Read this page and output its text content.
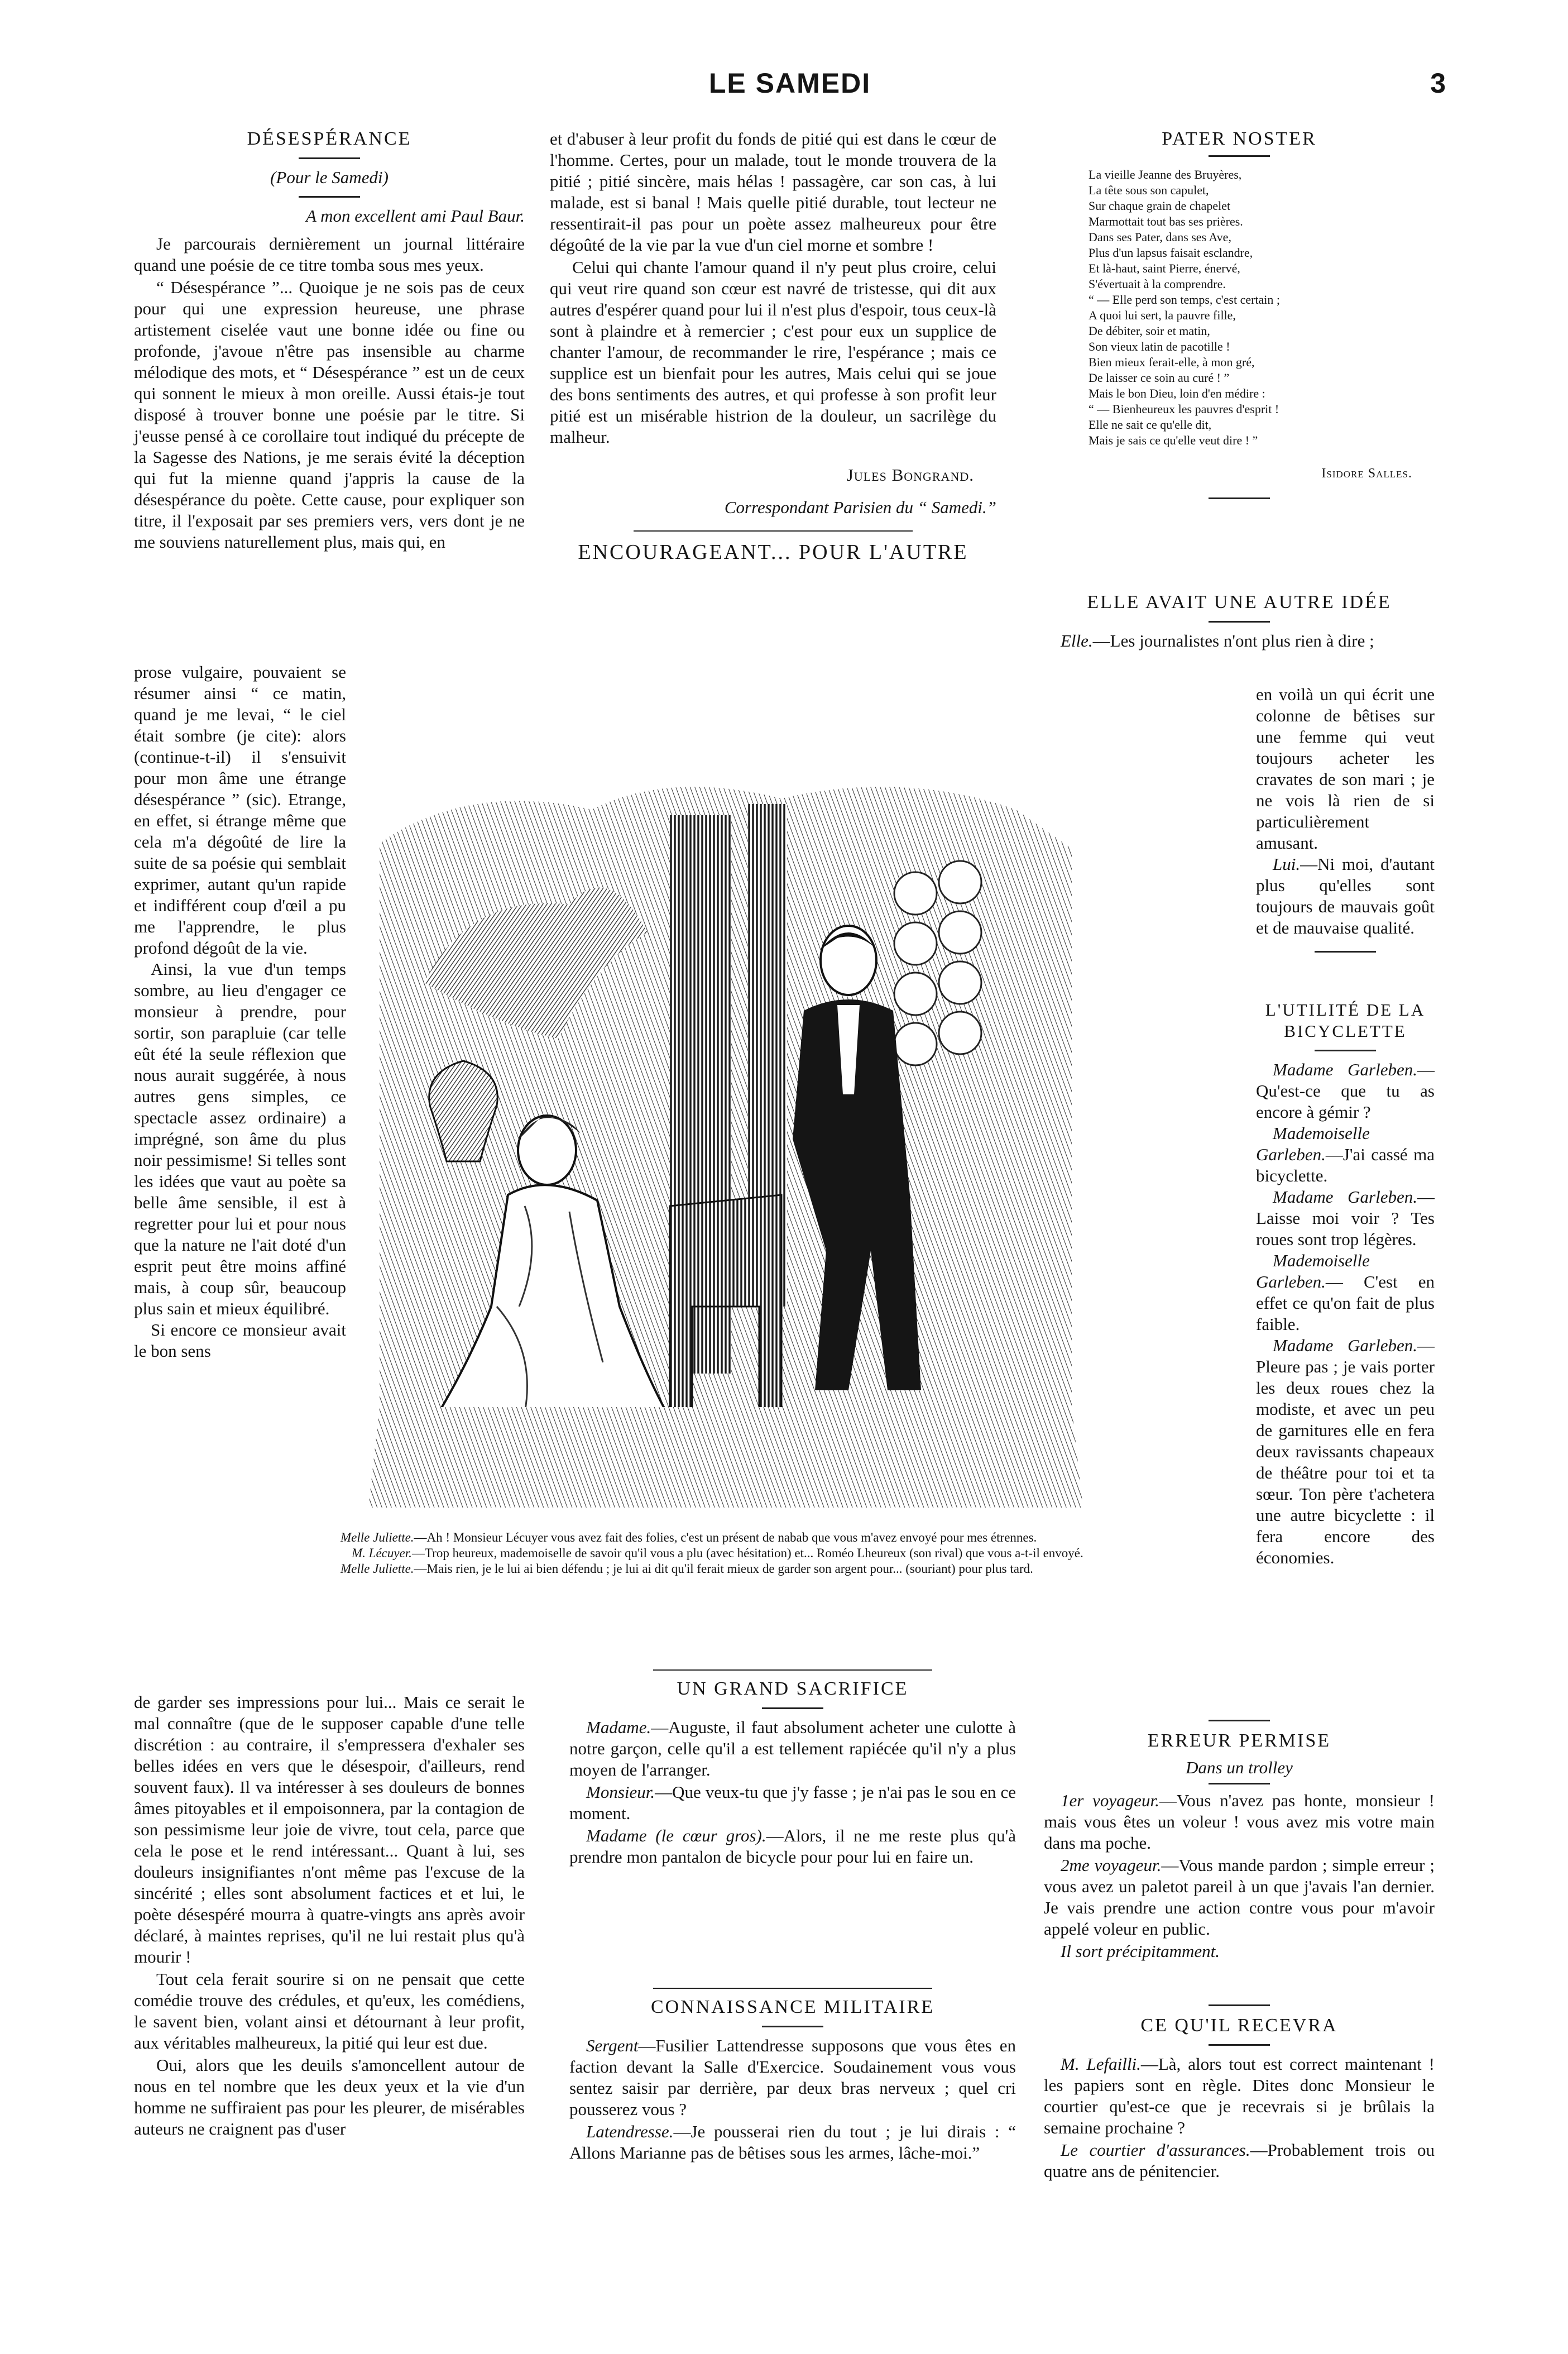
LE SAMEDI	3
DÉSESPÉRANCE

(Pour le Samedi)

A mon excellent ami Paul Baur.

Je parcourais dernièrement un journal littéraire quand une poésie de ce titre tomba sous mes yeux.

“ Désespérance ”... Quoique je ne sois pas de ceux pour qui une expression heureuse, une phrase artistement ciselée vaut une bonne idée ou fine ou profonde, j'avoue n'être pas insensible au charme mélodique des mots, et “ Désespérance ” est un de ceux qui sonnent le mieux à mon oreille. Aussi étais-je tout disposé à trouver bonne une poésie par le titre. Si j'eusse pensé à ce corollaire tout indiqué du précepte de la Sagesse des Nations, je me serais évité la déception qui fut la mienne quand j'appris la cause de la désespérance du poète. Cette cause, pour expliquer son titre, il l'exposait par ses premiers vers, vers dont je ne me souviens naturellement plus, mais qui, en

prose vulgaire, pouvaient se résumer ainsi “ ce matin, quand je me levai, “ le ciel était sombre (je cite): alors (continue-t-il) il s'ensuivit pour mon âme une étrange désespérance ” (sic). Etrange, en effet, si étrange même que cela m'a dégoûté de lire la suite de sa poésie qui semblait exprimer, autant qu'un rapide et indifférent coup d'œil a pu me l'apprendre, le plus profond dégoût de la vie.

Ainsi, la vue d'un temps sombre, au lieu d'engager ce monsieur à prendre, pour sortir, son parapluie (car telle eût été la seule réflexion que nous aurait suggérée, à nous autres gens simples, ce spectacle assez ordinaire) a imprégné, son âme du plus noir pessimisme! Si telles sont les idées que vaut au poète sa belle âme sensible, il est à regretter pour lui et pour nous que la nature ne l'ait doté d'un esprit peut être moins affiné mais, à coup sûr, beaucoup plus sain et mieux équilibré.

Si encore ce monsieur avait le bon sens

de garder ses impressions pour lui... Mais ce serait le mal connaître (que de le supposer capable d'une telle discrétion : au contraire, il s'empressera d'exhaler ses belles idées en vers que le désespoir, d'ailleurs, rend souvent faux). Il va intéresser à ses douleurs de bonnes âmes pitoyables et il empoisonnera, par la contagion de son pessimisme leur joie de vivre, tout cela, parce que cela le pose et le rend intéressant... Quant à lui, ses douleurs insignifiantes n'ont même pas l'excuse de la sincérité ; elles sont absolument factices et et lui, le poète désespéré mourra à quatre-vingts ans après avoir déclaré, à maintes reprises, qu'il ne lui restait plus qu'à mourir !

Tout cela ferait sourire si on ne pensait que cette comédie trouve des crédules, et qu'eux, les comédiens, le savent bien, volant ainsi et détournant à leur profit, aux véritables malheureux, la pitié qui leur est due.

Oui, alors que les deuils s'amoncellent autour de nous en tel nombre que les deux yeux et la vie d'un homme ne suffiraient pas pour les pleurer, de misérables auteurs ne craignent pas d'user

et d'abuser à leur profit du fonds de pitié qui est dans le cœur de l'homme. Certes, pour un malade, tout le monde trouvera de la pitié ; pitié sincère, mais hélas ! passagère, car son cas, à lui malade, est si banal ! Mais quelle pitié durable, tout lecteur ne ressentirait-il pas pour un poète assez malheureux pour être dégoûté de la vie par la vue d'un ciel morne et sombre !

Celui qui chante l'amour quand il n'y peut plus croire, celui qui veut rire quand son cœur est navré de tristesse, qui dit aux autres d'espérer quand pour lui il n'est plus d'espoir, tous ceux-là sont à plaindre et à remercier ; c'est pour eux un supplice de chanter l'amour, de recommander le rire, l'espérance ; mais ce supplice est un bienfait pour les autres, Mais celui qui se joue des bons sentiments des autres, et qui professe à son profit leur pitié est un misérable histrion de la douleur, un sacrilège du malheur.

Jules Bongrand.

Correspondant Parisien du “ Samedi.”

ENCOURAGEANT... POUR L'AUTRE

Melle Juliette.—Ah ! Monsieur Lécuyer vous avez fait des folies, c'est un présent de nabab que vous m'avez envoyé pour mes étrennes.

M. Lécuyer.—Trop heureux, mademoiselle de savoir qu'il vous a plu (avec hésitation) et... Roméo Lheureux (son rival) que vous a-t-il envoyé.

Melle Juliette.—Mais rien, je le lui ai bien défendu ; je lui ai dit qu'il ferait mieux de garder son argent pour... (souriant) pour plus tard.

UN GRAND SACRIFICE

Madame.—Auguste, il faut absolument acheter une culotte à notre garçon, celle qu'il a est tellement rapiécée qu'il n'y a plus moyen de l'arranger.

Monsieur.—Que veux-tu que j'y fasse ; je n'ai pas le sou en ce moment.

Madame (le cœur gros).—Alors, il ne me reste plus qu'à prendre mon pantalon de bicycle pour pour lui en faire un.

CONNAISSANCE MILITAIRE

Sergent—Fusilier Lattendresse supposons que vous êtes en faction devant la Salle d'Exercice. Soudainement vous vous sentez saisir par derrière, par deux bras nerveux ; quel cri pousserez vous ?

Latendresse.—Je pousserai rien du tout ; je lui dirais : “ Allons Marianne pas de bêtises sous les armes, lâche-moi.”

PATER NOSTER
La vieille Jeanne des Bruyères,
La tête sous son capulet,
Sur chaque grain de chapelet
Marmottait tout bas ses prières.
Dans ses Pater, dans ses Ave,
Plus d'un lapsus faisait esclandre,
Et là-haut, saint Pierre, énervé,
S'évertuait à la comprendre.
“ — Elle perd son temps, c'est certain ;
A quoi lui sert, la pauvre fille,
De débiter, soir et matin,
Son vieux latin de pacotille !
Bien mieux ferait-elle, à mon gré,
De laisser ce soin au curé ! ”
Mais le bon Dieu, loin d'en médire :
“ — Bienheureux les pauvres d'esprit !
Elle ne sait ce qu'elle dit,
Mais je sais ce qu'elle veut dire ! ”

Isidore Salles.

ELLE AVAIT UNE AUTRE IDÉE

Elle.—Les journalistes n'ont plus rien à dire ;

en voilà un qui écrit une colonne de bêtises sur une femme qui veut toujours acheter les cravates de son mari ; je ne vois là rien de si particulièrement amusant.

Lui.—Ni moi, d'autant plus qu'elles sont toujours de mauvais goût et de mauvaise qualité.

L'UTILITÉ DE LA BICYCLETTE

Madame Garleben.— Qu'est-ce que tu as encore à gémir ?

Mademoiselle Garleben.—J'ai cassé ma bicyclette.

Madame Garleben.—Laisse moi voir ? Tes roues sont trop légères.

Mademoiselle Garleben.— C'est en effet ce qu'on fait de plus faible.

Madame Garleben.—Pleure pas ; je vais porter les deux roues chez la modiste, et avec un peu de garnitures elle en fera deux ravissants chapeaux de théâtre pour toi et ta sœur. Ton père t'achetera une autre bicyclette : il fera encore des économies.

ERREUR PERMISE

Dans un trolley

1er voyageur.—Vous n'avez pas honte, monsieur ! mais vous êtes un voleur ! vous avez mis votre main dans ma poche.

2me voyageur.—Vous mande pardon ; simple erreur ; vous avez un paletot pareil à un que j'avais l'an dernier. Je vais prendre une action contre vous pour m'avoir appelé voleur en public.

Il sort précipitamment.

CE QU'IL RECEVRA

M. Lefailli.—Là, alors tout est correct maintenant ! les papiers sont en règle. Dites donc Monsieur le courtier qu'est-ce que je recevrais si je brûlais la semaine prochaine ?

Le courtier d'assurances.—Probablement trois ou quatre ans de pénitencier.
